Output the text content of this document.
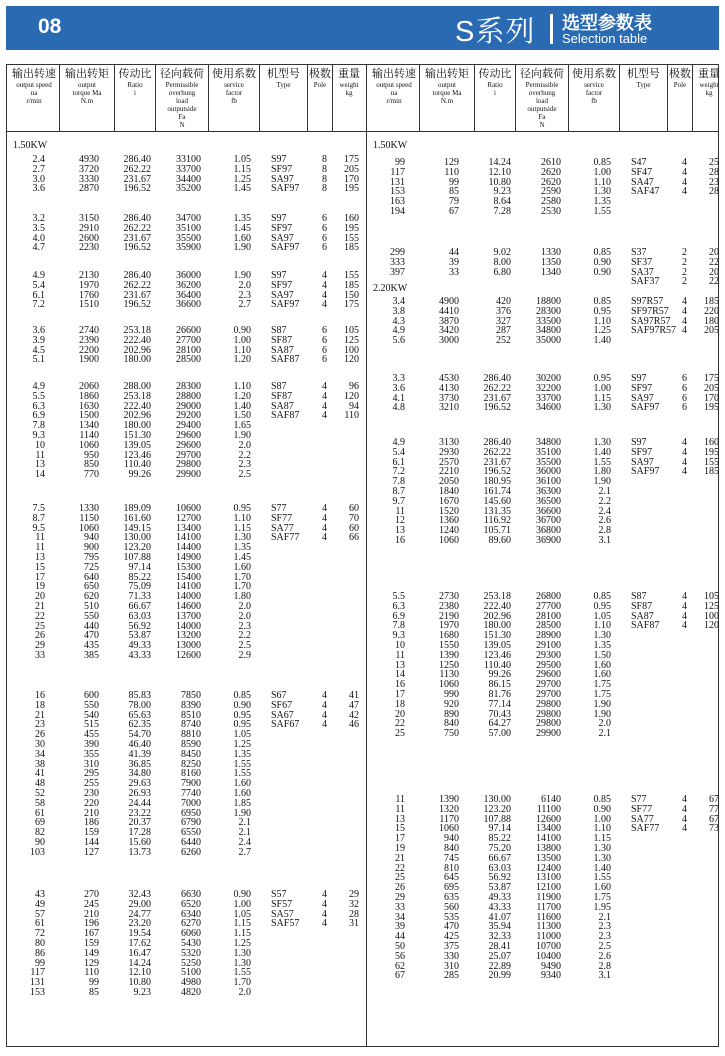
08	S系列 选型参数表
Selection table
输出转速
output speed
na
r/min
输出转矩
output
torque Ma
N.m
传动比
Ratio
i
径向载荷
Permissible
overhung
load
outputside
Fa
N
使用系数
service
factor
fb
机型号
Type
极数
Pole
重量
weight
kg
1.50KW
2.4
2.7
3.0
3.6
4930
3720
3330
2870
286.40
262.22
231.67
196.52
33100
33700
34400
35200
1.05
1.15
1.25
1.45
S97
SF97
SA97
SAF97
8
8
8
8
175
205
170
195
3.2
3.5
4.0
4.7
3150
2910
2600
2230
286.40
262.22
231.67
196.52
34700
35100
35500
35900
1.35
1.45
1.60
1.90
S97
SF97
SA97
SAF97
6
6
6
6
160
195
155
185
4.9
5.4
6.1
7.2
2130
1970
1760
1510
286.40
262.22
231.67
196.52
36000
36200
36400
36600
1.90
2.0
2.3
2.7
S97
SF97
SA97
SAF97
4
4
4
4
155
185
150
175
3.6
3.9
4.5
5.1
2740
2390
2200
1900
253.18
222.40
202.96
180.00
26600
27700
28100
28500
0.90
1.00
1.10
1.20
S87
SF87
SA87
SAF87
6
6
6
6
105
125
100
120
4.9
5.5
6.3
6.9
7.8
9.3
10
11
13
14
2060
1860
1630
1500
1340
1140
1060
950
850
770
288.00
253.18
222.40
202.96
180.00
151.30
139.05
123.46
110.40
99.26
28300
28800
29000
29200
29400
29600
29600
29700
29800
29900
1.10
1.20
1.40
1.50
1.65
1.90
2.0
2.2
2.3
2.5
S87
SF87
SA87
SAF87
4
4
4
4
96
120
94
110
7.5
8.7
9.5
11
11
13
15
17
19
20
21
22
25
26
29
33
1330
1150
1060
940
900
795
725
640
650
620
510
550
440
470
435
385
189.09
161.60
149.15
130.00
123.20
107.88
97.14
85.22
75.09
71.33
66.67
63.03
56.92
53.87
49.33
43.33
10600
12700
13400
14100
14400
14900
15300
15400
14100
14000
14600
13700
14000
13200
13000
12600
0.95
1.10
1.15
1.30
1.35
1.45
1.60
1.70
1.70
1.80
2.0
2.0
2.3
2.2
2.5
2.9
S77
SF77
SA77
SAF77
4
4
4
4
60
70
60
66
16
18
21
23
26
30
34
38
41
48
52
58
61
69
82
90
103
600
550
540
515
455
390
355
310
295
255
230
220
210
186
159
144
127
85.83
78.00
65.63
62.35
54.70
46.40
41.39
36.85
34.80
29.63
26.93
24.44
23.22
20.37
17.28
15.60
13.73
7850
8390
8510
8740
8810
8590
8450
8250
8160
7900
7740
7000
6950
6790
6550
6440
6260
0.85
0.90
0.95
0.95
1.05
1.25
1.35
1.55
1.55
1.60
1.60
1.85
1.90
2.1
2.1
2.4
2.7
S67
SF67
SA67
SAF67
4
4
4
4
41
47
42
46
43
49
57
61
72
80
86
99
117
131
153
270
245
210
196
167
159
149
129
110
99
85
32.43
29.00
24.77
23.20
19.54
17.62
16.47
14.24
12.10
10.80
9.23
6630
6520
6340
6270
6060
5430
5320
5250
5100
4980
4820
0.90
1.00
1.05
1.15
1.15
1.25
1.30
1.30
1.55
1.70
2.0
S57
SF57
SA57
SAF57
4
4
4
4
29
32
28
31
输出转速
output speed
na
r/min
输出转矩
output
torque Ma
N.m
传动比
Ratio
i
径向载荷
Permissible
overhung
load
outputside
Fa
N
使用系数
service
factor
fb
机型号
Type
极数
Pole
重量
weight
kg
1.50KW
2.20KW
99
117
131
153
163
194
129
110
99
85
79
67
14.24
12.10
10.80
9.23
8.64
7.28
2610
2620
2620
2590
2580
2530
0.85
1.00
1.10
1.30
1.35
1.55
S47
SF47
SA47
SAF47
4
4
4
4
25
28
23
28
299
333
397
44
39
33
9.02
8.00
6.80
1330
1350
1340
0.85
0.90
0.90
S37
SF37
SA37
SAF37
2
2
2
2
20
22
20
22
3.4
3.8
4.3
4.9
5.6
4900
4410
3870
3420
3000
420
376
327
287
252
18800
28300
33500
34800
35000
0.85
0.95
1.10
1.25
1.40
S97R57
SF97R57
SA97R57
SAF97R57
4
4
4
4
185
220
180
205
3.3
3.6
4.1
4.8
4530
4130
3730
3210
286.40
262.22
231.67
196.52
30200
32200
33700
34600
0.95
1.00
1.15
1.30
S97
SF97
SA97
SAF97
6
6
6
6
175
205
170
195
4.9
5.4
6.1
7.2
7.8
8.7
9.7
11
12
13
16
3130
2930
2570
2210
2050
1840
1670
1520
1360
1240
1060
286.40
262.22
231.67
196.52
180.95
161.74
145.60
131.35
116.92
105.71
89.60
34800
35100
35500
36000
36100
36300
36500
36600
36700
36800
36900
1.30
1.40
1.55
1.80
1.90
2.1
2.2
2.4
2.6
2.8
3.1
S97
SF97
SA97
SAF97
4
4
4
4
160
195
155
185
5.5
6.3
6.9
7.8
9.3
10
11
13
14
16
17
18
20
22
25
2730
2380
2190
1970
1680
1550
1390
1250
1130
1060
990
920
890
840
750
253.18
222.40
202.96
180.00
151.30
139.05
123.46
110.40
99.26
86.15
81.76
77.14
70.43
64.27
57.00
26800
27700
28100
28500
28900
29100
29300
29500
29600
29700
29700
29800
29800
29800
29900
0.85
0.95
1.05
1.10
1.30
1.35
1.50
1.60
1.60
1.75
1.75
1.90
1.90
2.0
2.1
S87
SF87
SA87
SAF87
4
4
4
4
105
125
100
120
11
11
13
15
17
19
21
22
25
26
29
33
34
39
44
50
56
62
67
1390
1320
1170
1060
940
840
745
810
645
695
635
560
535
470
425
375
330
310
285
130.00
123.20
107.88
97.14
85.22
75.20
66.67
63.03
56.92
53.87
49.33
43.33
41.07
35.94
32.33
28.41
25.07
22.89
20.99
6140
11100
12600
13400
14100
13800
13500
12400
13100
12100
11900
11700
11600
11300
11000
10700
10400
9490
9340
0.85
0.90
1.00
1.10
1.15
1.30
1.30
1.40
1.55
1.60
1.75
1.95
2.1
2.3
2.3
2.5
2.6
2.8
3.1
S77
SF77
SA77
SAF77
4
4
4
4
67
77
67
73
